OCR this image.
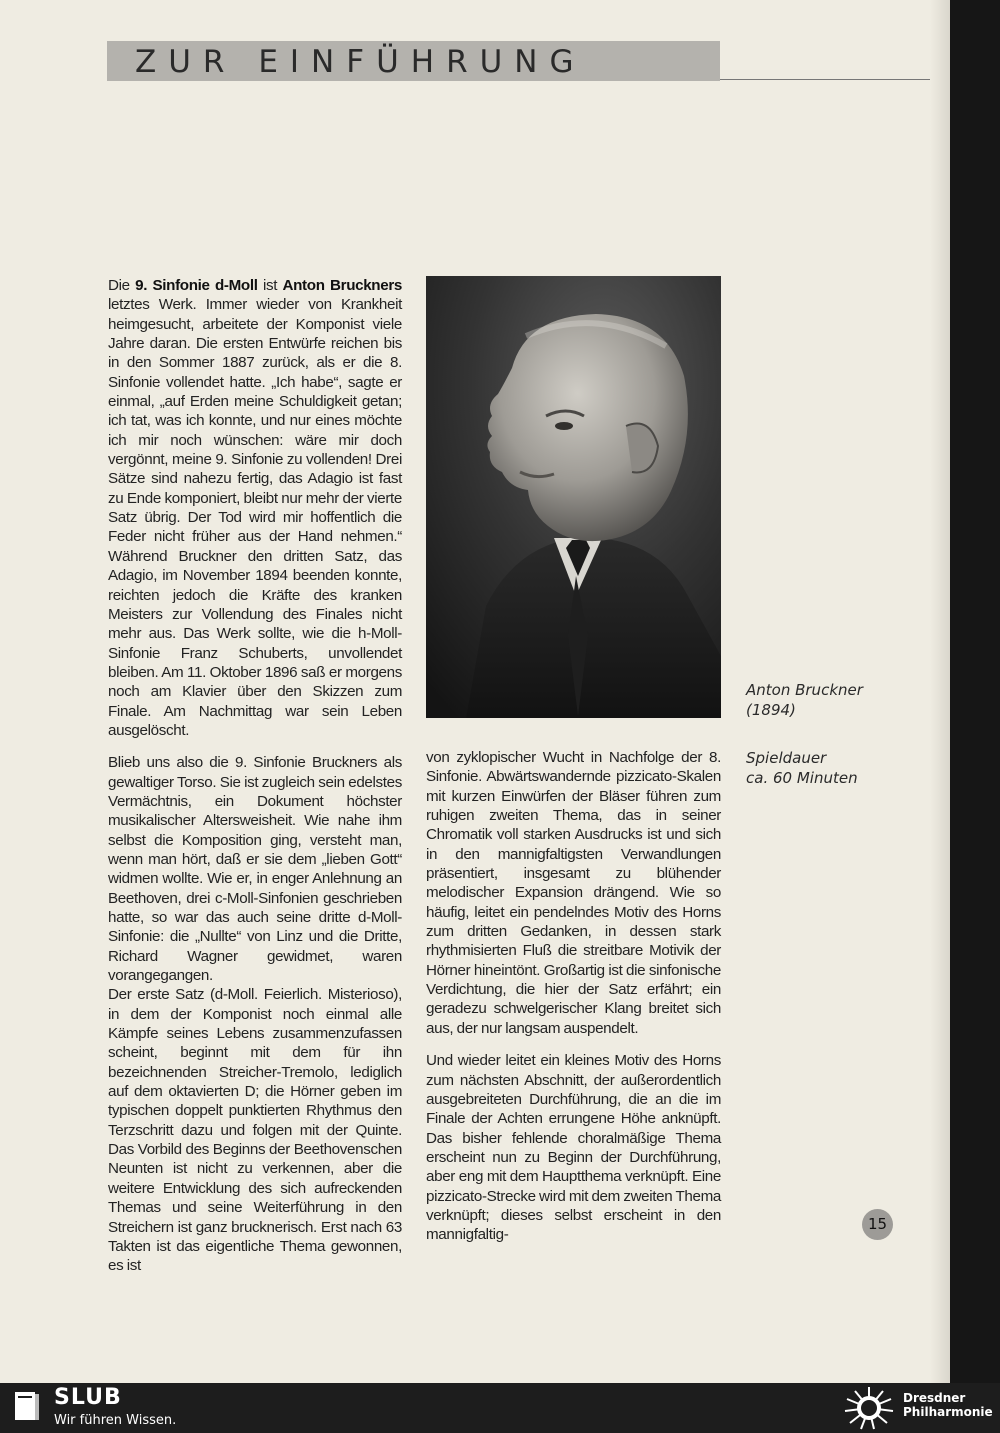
ZUR EINFÜHRUNG

Die 9. Sinfonie d-Moll ist Anton Bruckners letztes Werk. Immer wieder von Krankheit heimgesucht, arbeitete der Komponist viele Jahre daran. Die ersten Entwürfe reichen bis in den Sommer 1887 zurück, als er die 8. Sinfonie vollendet hatte. „Ich habe“, sagte er einmal, „auf Erden meine Schuldigkeit getan; ich tat, was ich konnte, und nur eines möchte ich mir noch wünschen: wäre mir doch vergönnt, meine 9. Sinfonie zu vollenden! Drei Sätze sind nahezu fertig, das Adagio ist fast zu Ende komponiert, bleibt nur mehr der vierte Satz übrig. Der Tod wird mir hoffentlich die Feder nicht früher aus der Hand nehmen.“ Während Bruckner den dritten Satz, das Adagio, im November 1894 beenden konnte, reichten jedoch die Kräfte des kranken Meisters zur Vollendung des Finales nicht mehr aus. Das Werk sollte, wie die h-Moll-Sinfonie Franz Schuberts, unvollendet bleiben. Am 11. Oktober 1896 saß er morgens noch am Klavier über den Skizzen zum Finale. Am Nachmittag war sein Leben ausgelöscht.

Blieb uns also die 9. Sinfonie Bruckners als gewaltiger Torso. Sie ist zugleich sein edelstes Vermächtnis, ein Dokument höchster musikalischer Altersweisheit. Wie nahe ihm selbst die Komposition ging, versteht man, wenn man hört, daß er sie dem „lieben Gott“ widmen wollte. Wie er, in enger Anlehnung an Beethoven, drei c-Moll-Sinfonien geschrieben hatte, so war das auch seine dritte d-Moll-Sinfonie: die „Nullte“ von Linz und die Dritte, Richard Wagner gewidmet, waren vorangegangen.

Der erste Satz (d-Moll. Feierlich. Misterioso), in dem der Komponist noch einmal alle Kämpfe seines Lebens zusammenzufassen scheint, beginnt mit dem für ihn bezeichnenden Streicher-Tremolo, lediglich auf dem oktavierten D; die Hörner geben im typischen doppelt punktierten Rhythmus den Terzschritt dazu und folgen mit der Quinte. Das Vorbild des Beginns der Beethovenschen Neunten ist nicht zu verkennen, aber die weitere Entwicklung des sich aufreckenden Themas und seine Weiterführung in den Streichern ist ganz brucknerisch. Erst nach 63 Takten ist das eigentliche Thema gewonnen, es ist

Anton Bruckner
(1894)
Spieldauer
ca. 60 Minuten

von zyklopischer Wucht in Nachfolge der 8. Sinfonie. Abwärtswandernde pizzicato-Skalen mit kurzen Einwürfen der Bläser führen zum ruhigen zweiten Thema, das in seiner Chromatik voll starken Ausdrucks ist und sich in den mannigfaltigsten Verwandlungen präsentiert, insgesamt zu blühender melodischer Expansion drängend. Wie so häufig, leitet ein pendelndes Motiv des Horns zum dritten Gedanken, in dessen stark rhythmisierten Fluß die streitbare Motivik der Hörner hineintönt. Großartig ist die sinfonische Verdichtung, die hier der Satz erfährt; ein geradezu schwelgerischer Klang breitet sich aus, der nur langsam auspendelt.

Und wieder leitet ein kleines Motiv des Horns zum nächsten Abschnitt, der außerordentlich ausgebreiteten Durchführung, die an die im Finale der Achten errungene Höhe anknüpft. Das bisher fehlende choralmäßige Thema erscheint nun zu Beginn der Durchführung, aber eng mit dem Hauptthema verknüpft. Eine pizzicato-Strecke wird mit dem zweiten Thema verknüpft; dieses selbst erscheint in den mannigfaltig-

15
SLUB
Wir führen Wissen.
Dresdner
Philharmonie
